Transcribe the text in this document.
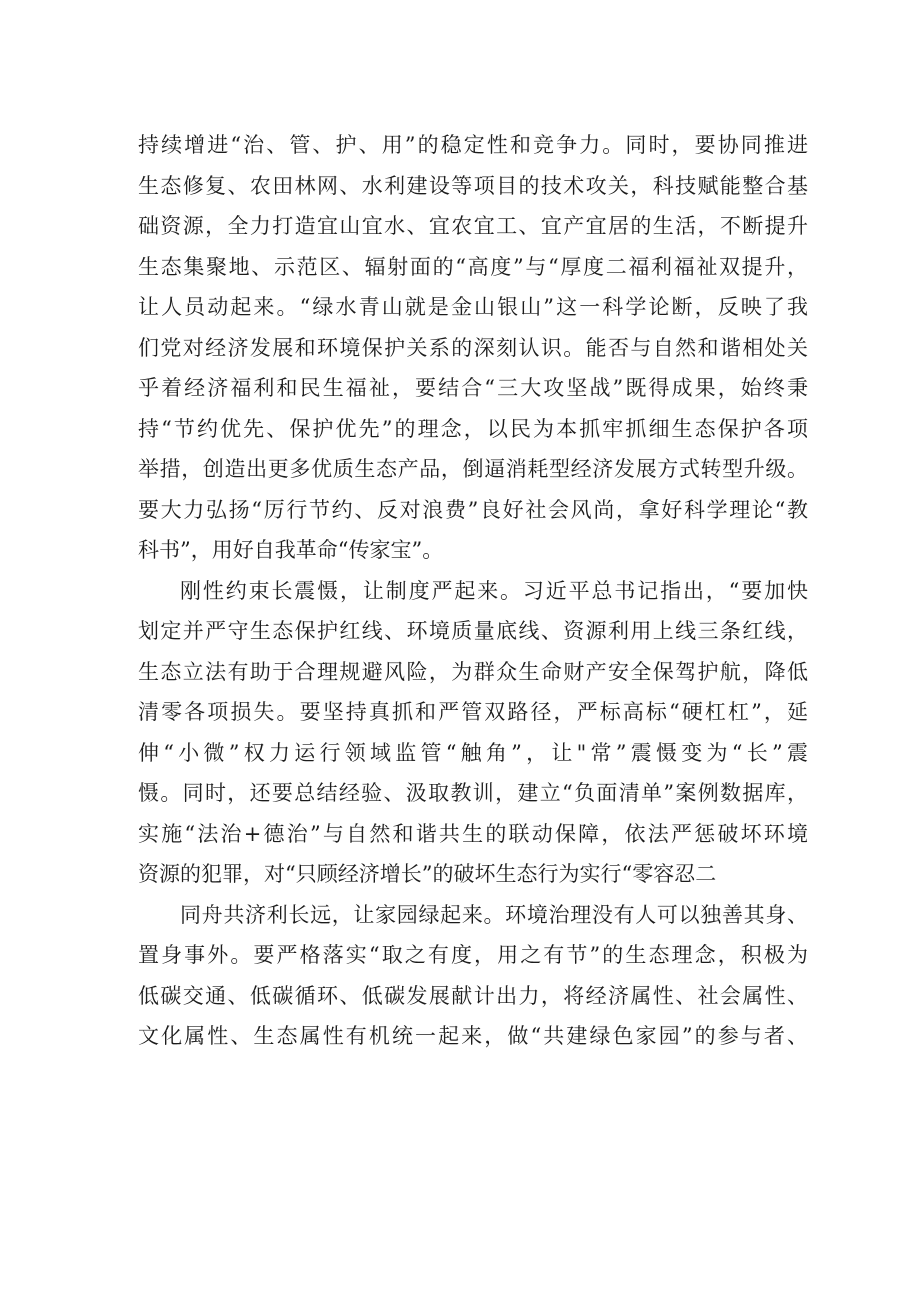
持续增进“治、管、护、用”的稳定性和竞争力。同时，要协同推进
生态修复、农田林网、水利建设等项目的技术攻关，科技赋能整合基
础资源，全力打造宜山宜水、宜农宜工、宜产宜居的生活，不断提升
生态集聚地、示范区、辐射面的“高度”与“厚度二福利福祉双提升，
让人员动起来。“绿水青山就是金山银山”这一科学论断，反映了我
们党对经济发展和环境保护关系的深刻认识。能否与自然和谐相处关
乎着经济福利和民生福祉，要结合“三大攻坚战”既得成果，始终秉
持“节约优先、保护优先”的理念，以民为本抓牢抓细生态保护各项
举措，创造出更多优质生态产品，倒逼消耗型经济发展方式转型升级。
要大力弘扬“厉行节约、反对浪费”良好社会风尚，拿好科学理论“教
科书”，用好自我革命“传家宝”。
刚性约束长震慑，让制度严起来。习近平总书记指出，“要加快
划定并严守生态保护红线、环境质量底线、资源利用上线三条红线，
生态立法有助于合理规避风险，为群众生命财产安全保驾护航，降低
清零各项损失。要坚持真抓和严管双路径，严标高标“硬杠杠”，延
伸“小微”权力运行领域监管“触角”，让"常”震慑变为“长”震
慑。同时，还要总结经验、汲取教训，建立“负面清单”案例数据库，
实施“法治+德治”与自然和谐共生的联动保障，依法严惩破坏环境
资源的犯罪，对“只顾经济增长”的破坏生态行为实行“零容忍二
同舟共济利长远，让家园绿起来。环境治理没有人可以独善其身、
置身事外。要严格落实“取之有度，用之有节”的生态理念，积极为
低碳交通、低碳循环、低碳发展献计出力，将经济属性、社会属性、
文化属性、生态属性有机统一起来，做“共建绿色家园”的参与者、
